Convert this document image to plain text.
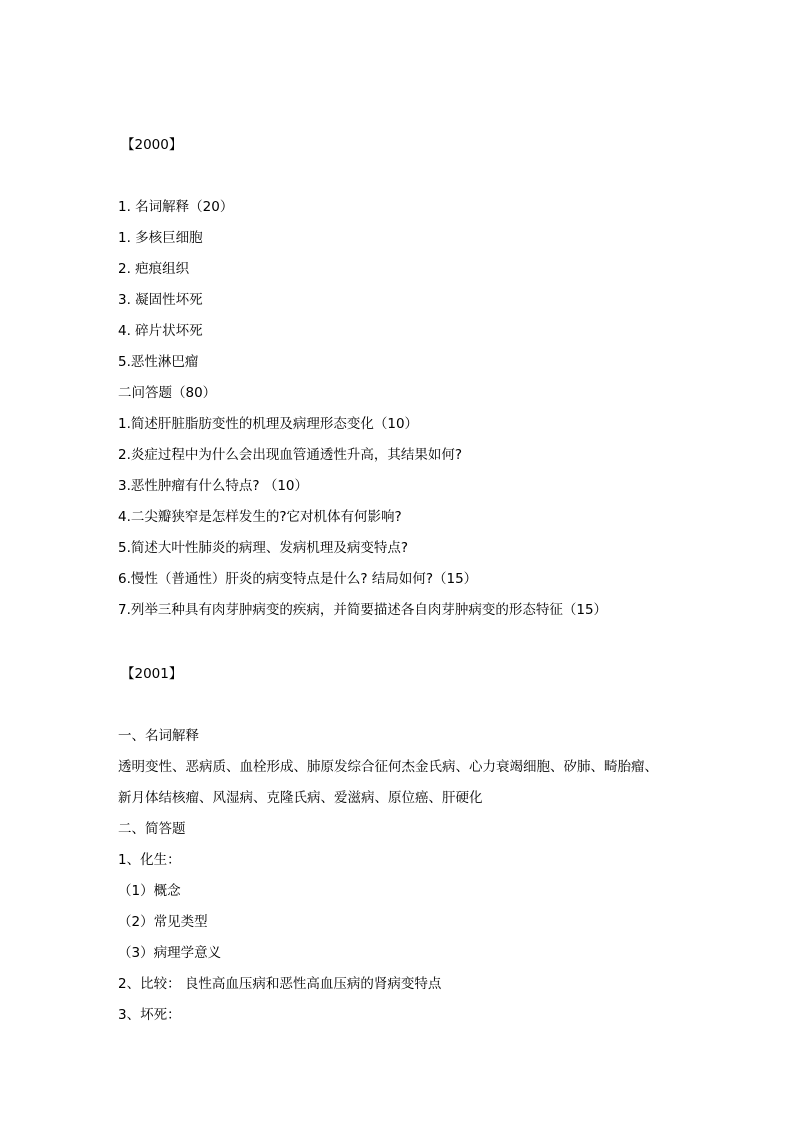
【2000】
1. 名词解释（20）
1. 多核巨细胞
2. 疤痕组织
3. 凝固性坏死
4. 碎片状坏死
5.恶性淋巴瘤
二问答题（80）
1.简述肝脏脂肪变性的机理及病理形态变化（10）
2.炎症过程中为什么会出现血管通透性升高，其结果如何?
3.恶性肿瘤有什么特点? （10）
4.二尖瓣狭窄是怎样发生的?它对机体有何影响?
5.简述大叶性肺炎的病理、发病机理及病变特点?
6.慢性（普通性）肝炎的病变特点是什么? 结局如何?（15）
7.列举三种具有肉芽肿病变的疾病，并简要描述各自肉芽肿病变的形态特征（15）
【2001】
一、名词解释
透明变性、恶病质、血栓形成、肺原发综合征何杰金氏病、心力衰竭细胞、矽肺、畸胎瘤、
新月体结核瘤、风湿病、克隆氏病、爱滋病、原位癌、肝硬化
二、简答题
1、化生：
（1）概念
（2）常见类型
（3）病理学意义
2、比较： 良性高血压病和恶性高血压病的肾病变特点
3、坏死：
